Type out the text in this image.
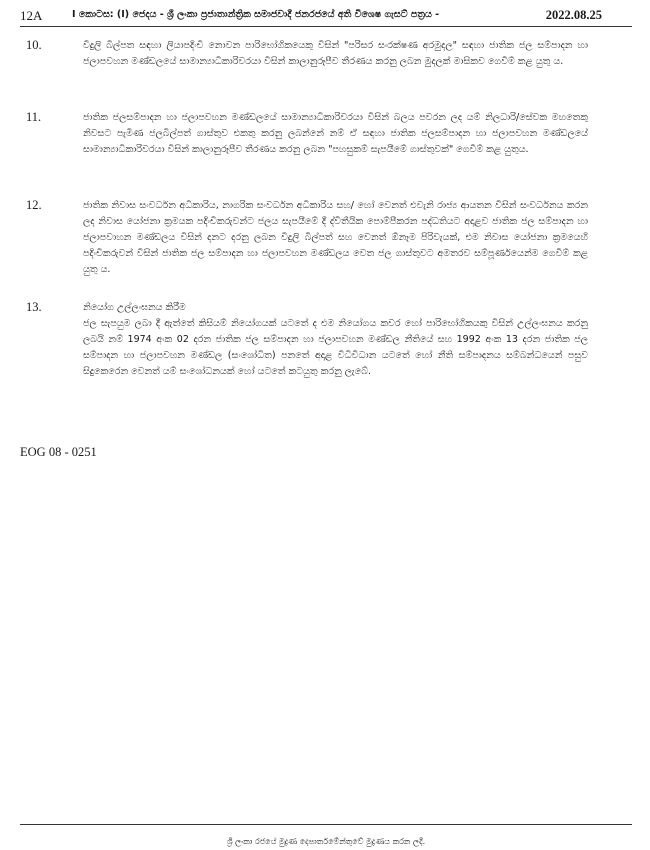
12A	I කොටස: (I) ජෙදය - ශ්‍රී ලංකා ප්‍රජාතාන්ත්‍රික සමාජවාදී ජනරජයේ අති විශෙෂ ගැසට් පත්‍රය -	2022.08.25
10.	විදුලි බිල්පත සඳහා ලියාපදිංචි නොවන පාරිභෝගිකයෙකු විසින් "පරිසර සංරක්ෂණ අරමුදල" සඳහා ජාතික ජල සම්පාදන හා ජලාපවහන මණ්ඩලයේ සාමාන්‍යාධිකාරිවරයා විසින් කාලානුරූපීව තීරණය කරනු ලබන මුදලක් මාසිකව ගෙවීම් කළ යුතු ය.
11.	ජාතික ජලසම්පාදන හා ජලාපවහන මණ්ඩලයේ සාමාන්‍යාධිකාරිවරයා විසින් බලය පවරන ලද යම් නිලධාරි/සේවක මහතෙකු නිවසට පැමිණ ජලබිල්පත් ගාස්තුව එකතු කරනු ලබන්නේ නම් ඒ සඳහා ජාතික ජලසම්පාදන හා ජලාපවහන මණ්ඩලයේ සාමාන්‍යාධිකාරිවරයා විසින් කාලානුරූපීව තීරණය කරනු ලබන "පහසුකම් සැපයීමේ ගාස්තුවක්" ගෙවීම් කළ යුතුය.
12.	ජාතික නිවාස සංවර්ධන අධිකාරිය, නාගරික සංවර්ධන අධිකාරිය සහ/ හෝ වෙනත් එවැනි රාජ්‍ය ආයතන විසින් සංවර්ධනය කරන ලද නිවාස යෝජනා ක්‍රමයක පදිංචිකරුවන්ට ජලය සැපයීමේ දී ද්විතීයික පොම්පීකරන පද්ධතියට අදාළව ජාතික ජල සම්පාදන හා ජලාපවාහන මණ්ඩලය විසින් දනට දරනු ලබන විදුලි බිල්පත් සහ වෙනත් ඕනෑම පිරිවැයක්, එම නිවාස යෝජනා ක්‍රමයෙහි පදිංචිකරුවන් විසින් ජාතික ජල සම්පාදන හා ජලාපවහන මණ්ඩලය වෙත ජල ගාස්තුවට අමතරව සම්පූර්ණයෙන්ම ගෙවීම් කළ යුතු ය.
13.	නියෝග උල්ලංඝනය කිරීම
ජල සැපයුම ලබා දී ඇත්තේ කිසියම් නියෝගයක් යටතේ ද එම නියෝගය කවර හෝ පාරිභෝගිකයකු විසින් උල්ලංඝනය කරනු ලබයි නම් 1974 අංක 02 දරන ජාතික ජල සම්පාදන හා ජලාපවහන මණ්ඩල නීතියේ සහ 1992 අංක 13 දරන ජාතික ජල සම්පාදන හා ජලාපවහන මණ්ඩල (සංශෝධිත) පනතේ අදාළ විධිවිධාන යටතේ හෝ නීති සම්පාදනය සම්බන්ධයෙන් පසුව සිදුකෙරෙන වෙනත් යම් සංශෝධනයක් හෝ යටතේ කටයුතු කරනු ලැබේ.
EOG 08 - 0251
ශ්‍රී ලංකා රජයේ මුද්‍රණ දෙපාර්තමේන්තුවේ මුද්‍රණය කරන ලදී.
